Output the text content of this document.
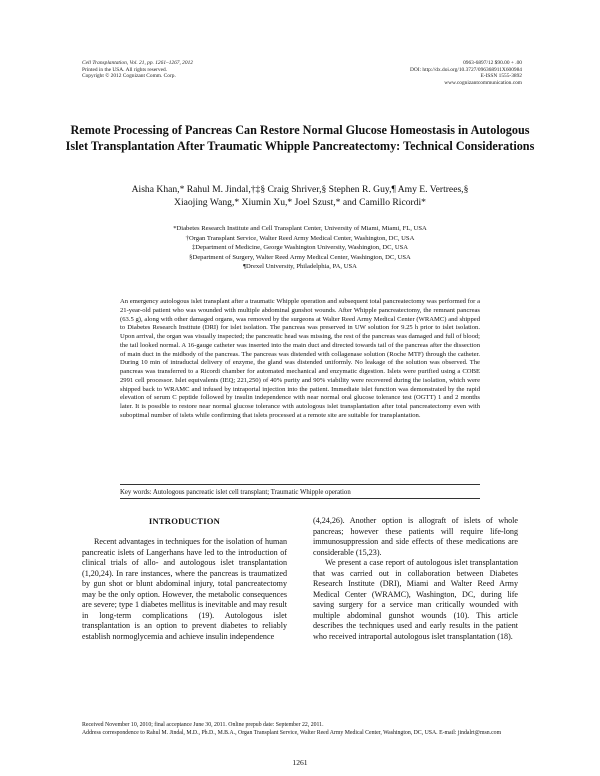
Cell Transplantation, Vol. 21, pp. 1261–1267, 2012
Printed in the USA. All rights reserved.
Copyright © 2012 Cognizant Comm. Corp.
0963-6897/12 $90.00 + .00
DOI: http://dx.doi.org/10.3727/096368911X600984
E-ISSN 1555-3892
www.cognizantcommunication.com
Remote Processing of Pancreas Can Restore Normal Glucose Homeostasis in Autologous Islet Transplantation After Traumatic Whipple Pancreatectomy: Technical Considerations
Aisha Khan,* Rahul M. Jindal,†‡§ Craig Shriver,§ Stephen R. Guy,¶ Amy E. Vertrees,§
Xiaojing Wang,* Xiumin Xu,* Joel Szust,* and Camillo Ricordi*
*Diabetes Research Institute and Cell Transplant Center, University of Miami, Miami, FL, USA
†Organ Transplant Service, Walter Reed Army Medical Center, Washington, DC, USA
‡Department of Medicine, George Washington University, Washington, DC, USA
§Department of Surgery, Walter Reed Army Medical Center, Washington, DC, USA
¶Drexel University, Philadelphia, PA, USA
An emergency autologous islet transplant after a traumatic Whipple operation and subsequent total pancreatectomy was performed for a 21-year-old patient who was wounded with multiple abdominal gunshot wounds. After Whipple pancreatectomy, the remnant pancreas (63.5 g), along with other damaged organs, was removed by the surgeons at Walter Reed Army Medical Center (WRAMC) and shipped to Diabetes Research Institute (DRI) for islet isolation. The pancreas was preserved in UW solution for 9.25 h prior to islet isolation. Upon arrival, the organ was visually inspected; the pancreatic head was missing, the rest of the pancreas was damaged and full of blood; the tail looked normal. A 16-gauge catheter was inserted into the main duct and directed towards tail of the pancreas after the dissection of main duct in the midbody of the pancreas. The pancreas was distended with collagenase solution (Roche MTF) through the catheter. During 10 min of intraductal delivery of enzyme, the gland was distended uniformly. No leakage of the solution was observed. The pancreas was transferred to a Ricordi chamber for automated mechanical and enzymatic digestion. Islets were purified using a COBE 2991 cell processor. Islet equivalents (IEQ; 221,250) of 40% purity and 90% viability were recovered during the isolation, which were shipped back to WRAMC and infused by intraportal injection into the patient. Immediate islet function was demonstrated by the rapid elevation of serum C peptide followed by insulin independence with near normal oral glucose tolerance test (OGTT) 1 and 2 months later. It is possible to restore near normal glucose tolerance with autologous islet transplantation after total pancreatectomy even with suboptimal number of islets while confirming that islets processed at a remote site are suitable for transplantation.
Key words: Autologous pancreatic islet cell transplant; Traumatic Whipple operation
INTRODUCTION

Recent advantages in techniques for the isolation of human pancreatic islets of Langerhans have led to the introduction of clinical trials of allo- and autologous islet transplantation (1,20,24). In rare instances, where the pancreas is traumatized by gun shot or blunt abdominal injury, total pancreatectomy may be the only option. However, the metabolic consequences are severe; type 1 diabetes mellitus is inevitable and may result in long-term complications (19). Autologous islet transplantation is an option to prevent diabetes to reliably establish normoglycemia and achieve insulin independence

(4,24,26). Another option is allograft of islets of whole pancreas; however these patients will require life-long immunosuppression and side effects of these medications are considerable (15,23).

We present a case report of autologous islet transplantation that was carried out in collaboration between Diabetes Research Institute (DRI), Miami and Walter Reed Army Medical Center (WRAMC), Washington, DC, during life saving surgery for a service man critically wounded with multiple abdominal gunshot wounds (10). This article describes the techniques used and early results in the patient who received intraportal autologous islet transplantation (18).

Received November 10, 2010; final acceptance June 30, 2011. Online prepub date: September 22, 2011.
Address correspondence to Rahul M. Jindal, M.D., Ph.D., M.B.A., Organ Transplant Service, Walter Reed Army Medical Center, Washington, DC, USA. E-mail: jindalrt@msn.com
1261
